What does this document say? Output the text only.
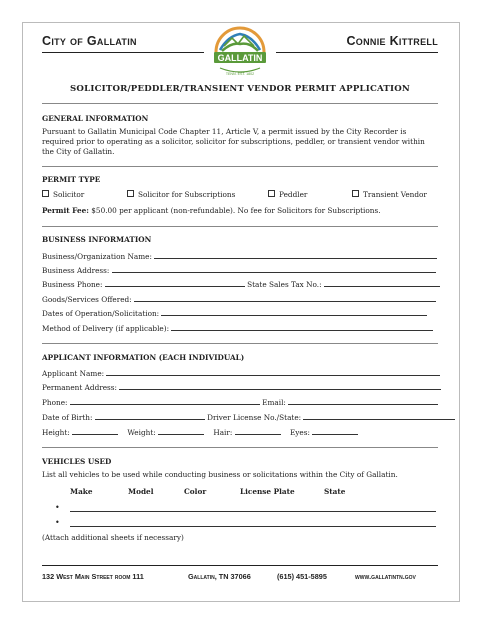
City of Gallatin	Connie Kittrell
GALLATIN
TENN. EST. 1802
SOLICITOR/PEDDLER/TRANSIENT VENDOR PERMIT APPLICATION
GENERAL INFORMATION
Pursuant to Gallatin Municipal Code Chapter 11, Article V, a permit issued by the City Recorder is required prior to operating as a solicitor, solicitor for subscriptions, peddler, or transient vendor within the City of Gallatin.
PERMIT TYPE
Solicitor	Solicitor for Subscriptions	Peddler	Transient Vendor
Permit Fee: $50.00 per applicant (non-refundable). No fee for Solicitors for Subscriptions.
BUSINESS INFORMATION
Business/Organization Name:
Business Address:
Business Phone:	State Sales Tax No.:
Goods/Services Offered:
Dates of Operation/Solicitation:
Method of Delivery (if applicable):
APPLICANT INFORMATION (EACH INDIVIDUAL)
Applicant Name:
Permanent Address:
Phone:	Email:
Date of Birth:	Driver License No./State:
Height:	Weight:	Hair:	Eyes:
VEHICLES USED
List all vehicles to be used while conducting business or solicitations within the City of Gallatin.
Make	Model	Color	License Plate	State
•
•
(Attach additional sheets if necessary)
132 West Main Street room 111	Gallatin, TN 37066	(615) 451-5895	www.gallatintn.gov
